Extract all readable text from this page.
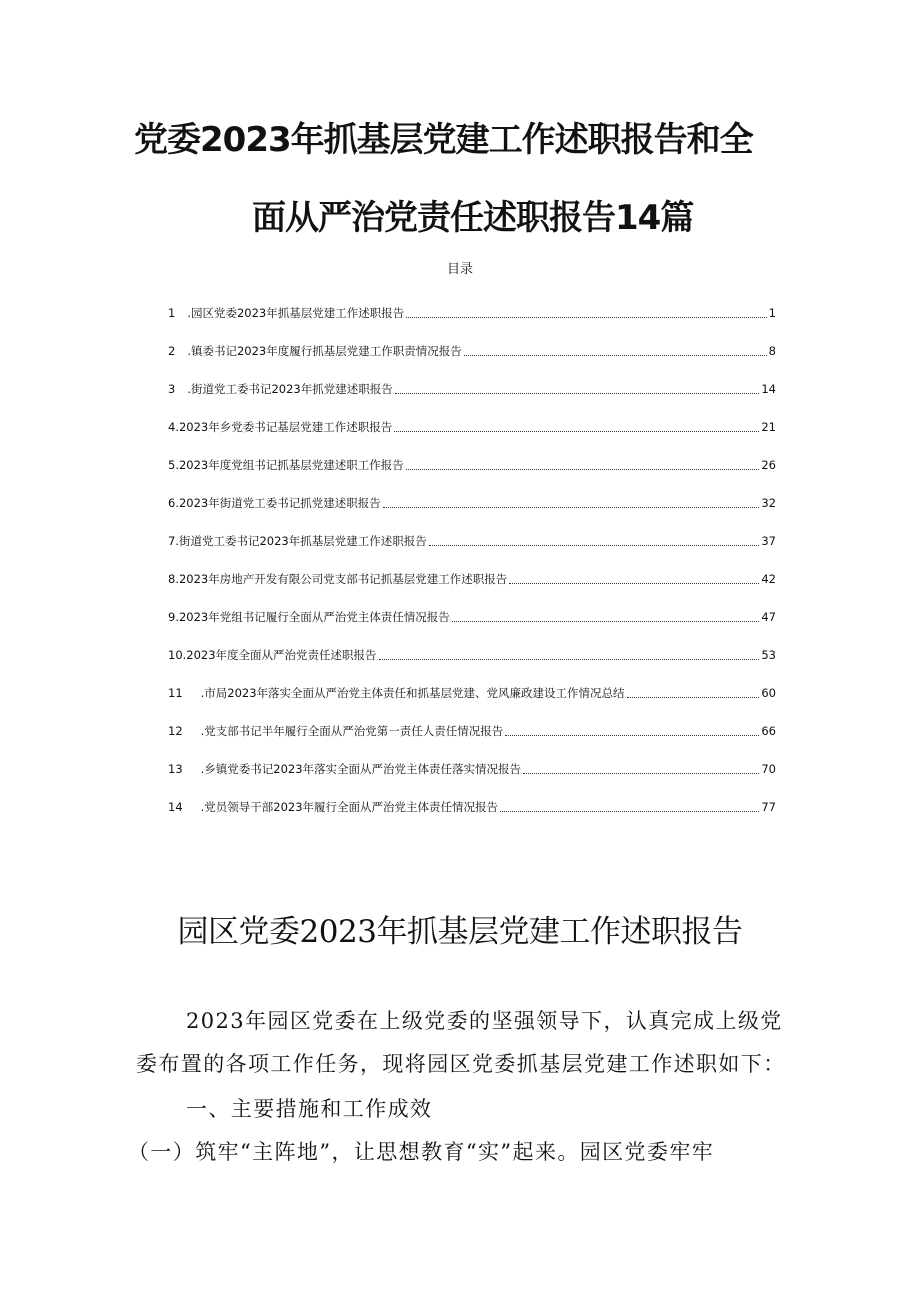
党委2023年抓基层党建工作述职报告和全
面从严治党责任述职报告14篇
目录
1 .园区党委2023年抓基层党建工作述职报告	1
2 .镇委书记2023年度履行抓基层党建工作职责情况报告	8
3 .街道党工委书记2023年抓党建述职报告	14
4.2023年乡党委书记基层党建工作述职报告	21
5.2023年度党组书记抓基层党建述职工作报告	26
6.2023年街道党工委书记抓党建述职报告	32
7.街道党工委书记2023年抓基层党建工作述职报告	37
8.2023年房地产开发有限公司党支部书记抓基层党建工作述职报告	42
9.2023年党组书记履行全面从严治党主体责任情况报告	47
10.2023年度全面从严治党责任述职报告	53
11 .市局2023年落实全面从严治党主体责任和抓基层党建、党风廉政建设工作情况总结	60
12 .党支部书记半年履行全面从严治党第一责任人责任情况报告	66
13 .乡镇党委书记2023年落实全面从严治党主体责任落实情况报告	70
14 .党员领导干部2023年履行全面从严治党主体责任情况报告	77
园区党委2023年抓基层党建工作述职报告
2023年园区党委在上级党委的坚强领导下，认真完成上级党
委布置的各项工作任务，现将园区党委抓基层党建工作述职如下：
一、主要措施和工作成效
（一）筑牢“主阵地”，让思想教育“实”起来。园区党委牢牢
